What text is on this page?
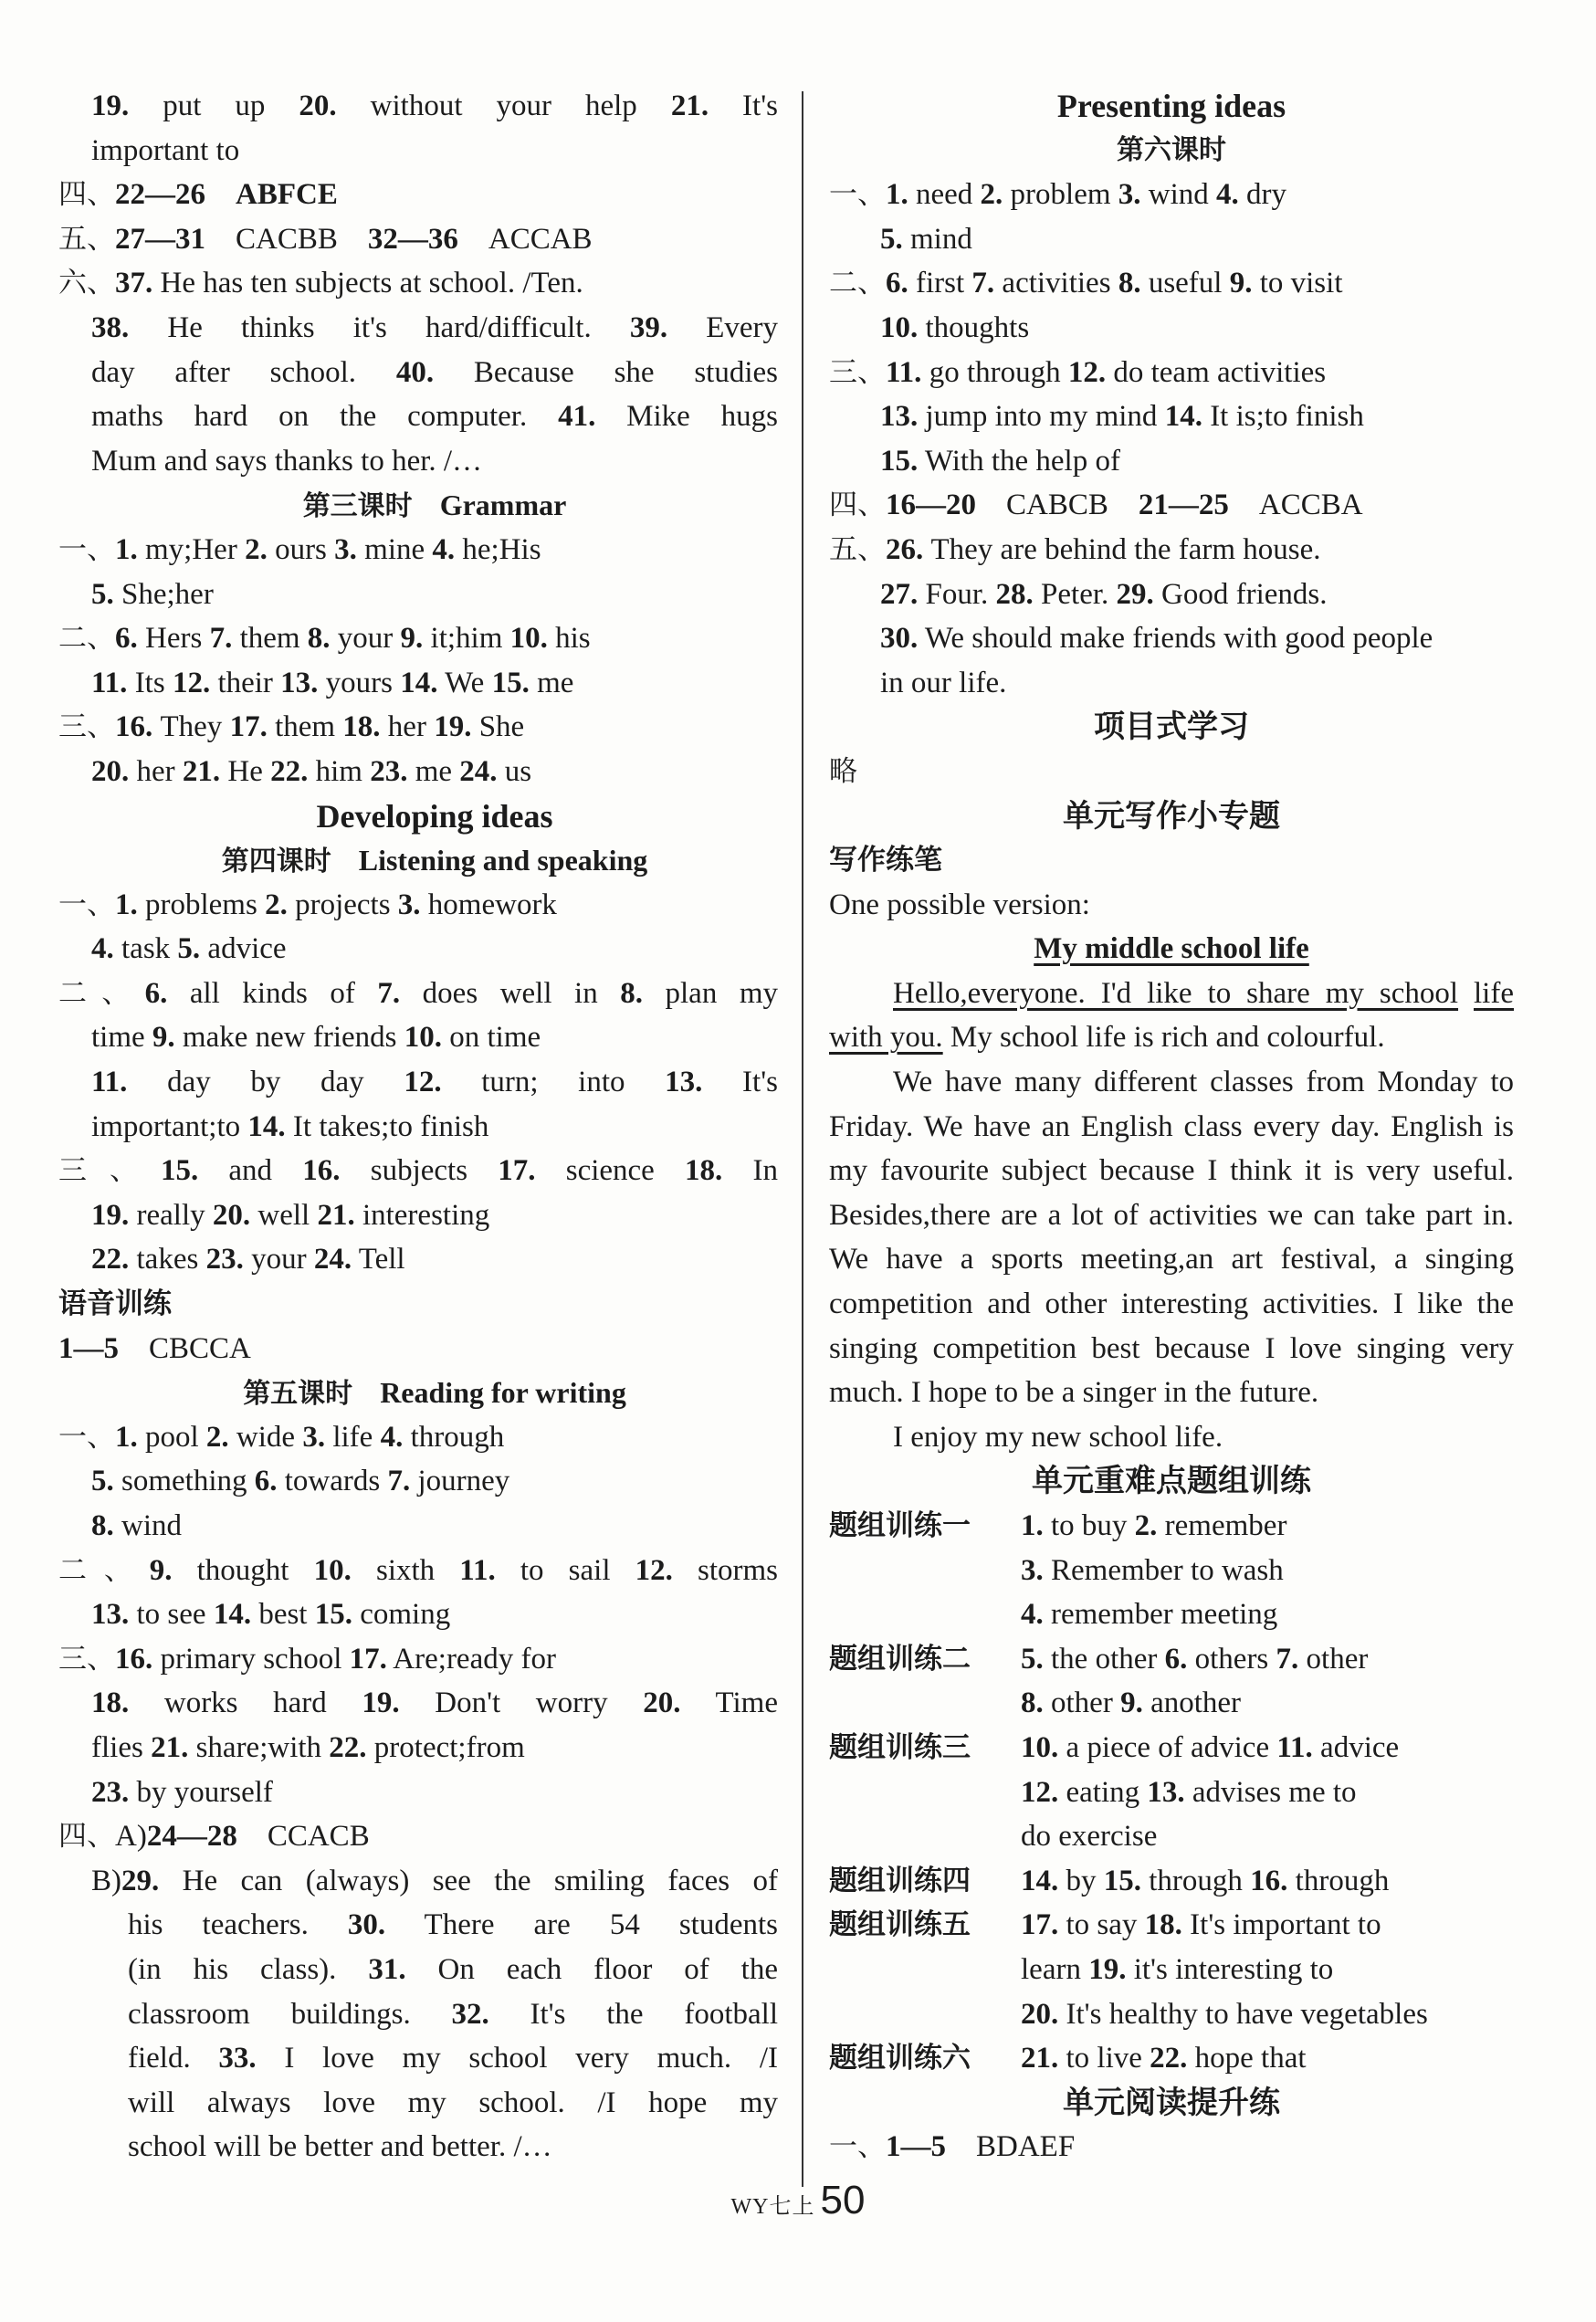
19. put up 20. without your help 21. It's
important to
四、22—26　ABFCE
五、27—31　CACBB　32—36　ACCAB
六、37. He has ten subjects at school. /Ten.
38. He thinks it's hard/difficult. 39. Every
day after school. 40. Because she studies
maths hard on the computer. 41. Mike hugs
Mum and says thanks to her. /…
第三课时　 Grammar
一、1. my;Her 2. ours 3. mine 4. he;His
5. She;her
二、6. Hers 7. them 8. your 9. it;him 10. his
11. Its 12. their 13. yours 14. We 15. me
三、16. They 17. them 18. her 19. She
20. her 21. He 22. him 23. me 24. us
Developing ideas
第四课时　 Listening and speaking
一、1. problems 2. projects 3. homework
4. task 5. advice
二、6. all kinds of 7. does well in 8. plan my
time 9. make new friends 10. on time
11. day by day 12. turn; into 13. It's
important;to 14. It takes;to finish
三、15. and 16. subjects 17. science 18. In
19. really 20. well 21. interesting
22. takes 23. your 24. Tell
语音训练
1—5　CBCCA
第五课时　 Reading for writing
一、1. pool 2. wide 3. life 4. through
5. something 6. towards 7. journey
8. wind
二、9. thought 10. sixth 11. to sail 12. storms
13. to see 14. best 15. coming
三、16. primary school 17. Are;ready for
18. works hard 19. Don't worry 20. Time
flies 21. share;with 22. protect;from
23. by yourself
四、A)24—28　CCACB
B)29. He can (always) see the smiling faces of
his teachers. 30. There are 54 students
(in his class). 31. On each floor of the
classroom buildings. 32. It's the football
field. 33. I love my school very much. /I
will always love my school. /I hope my
school will be better and better. /…
Presenting ideas
第六课时
一、1. need 2. problem 3. wind 4. dry
5. mind
二、6. first 7. activities 8. useful 9. to visit
10. thoughts
三、11. go through 12. do team activities
13. jump into my mind 14. It is;to finish
15. With the help of
四、16—20　CABCB　21—25　ACCBA
五、26. They are behind the farm house.
27. Four. 28. Peter. 29. Good friends.
30. We should make friends with good people
in our life.
项目式学习
略
单元写作小专题
写作练笔
One possible version:
My middle school life
Hello,everyone. I'd like to share my school life with you. My school life is rich and colourful.
We have many different classes from Monday to Friday. We have an English class every day. English is my favourite subject because I think it is very useful. Besides,there are a lot of activities we can take part in. We have a sports meeting,an art festival, a singing competition and other interesting activities. I like the singing competition best because I love singing very much. I hope to be a singer in the future.
I enjoy my new school life.
单元重难点题组训练
题组训练一	1. to buy 2. remember
3. Remember to wash
4. remember meeting
题组训练二	5. the other 6. others 7. other
8. other 9. another
题组训练三	10. a piece of advice 11. advice
12. eating 13. advises me to
do exercise
题组训练四	14. by 15. through 16. through
题组训练五	17. to say 18. It's important to
learn 19. it's interesting to
20. It's healthy to have vegetables
题组训练六	21. to live 22. hope that
单元阅读提升练
一、1—5　BDAEF
WY七上 50
